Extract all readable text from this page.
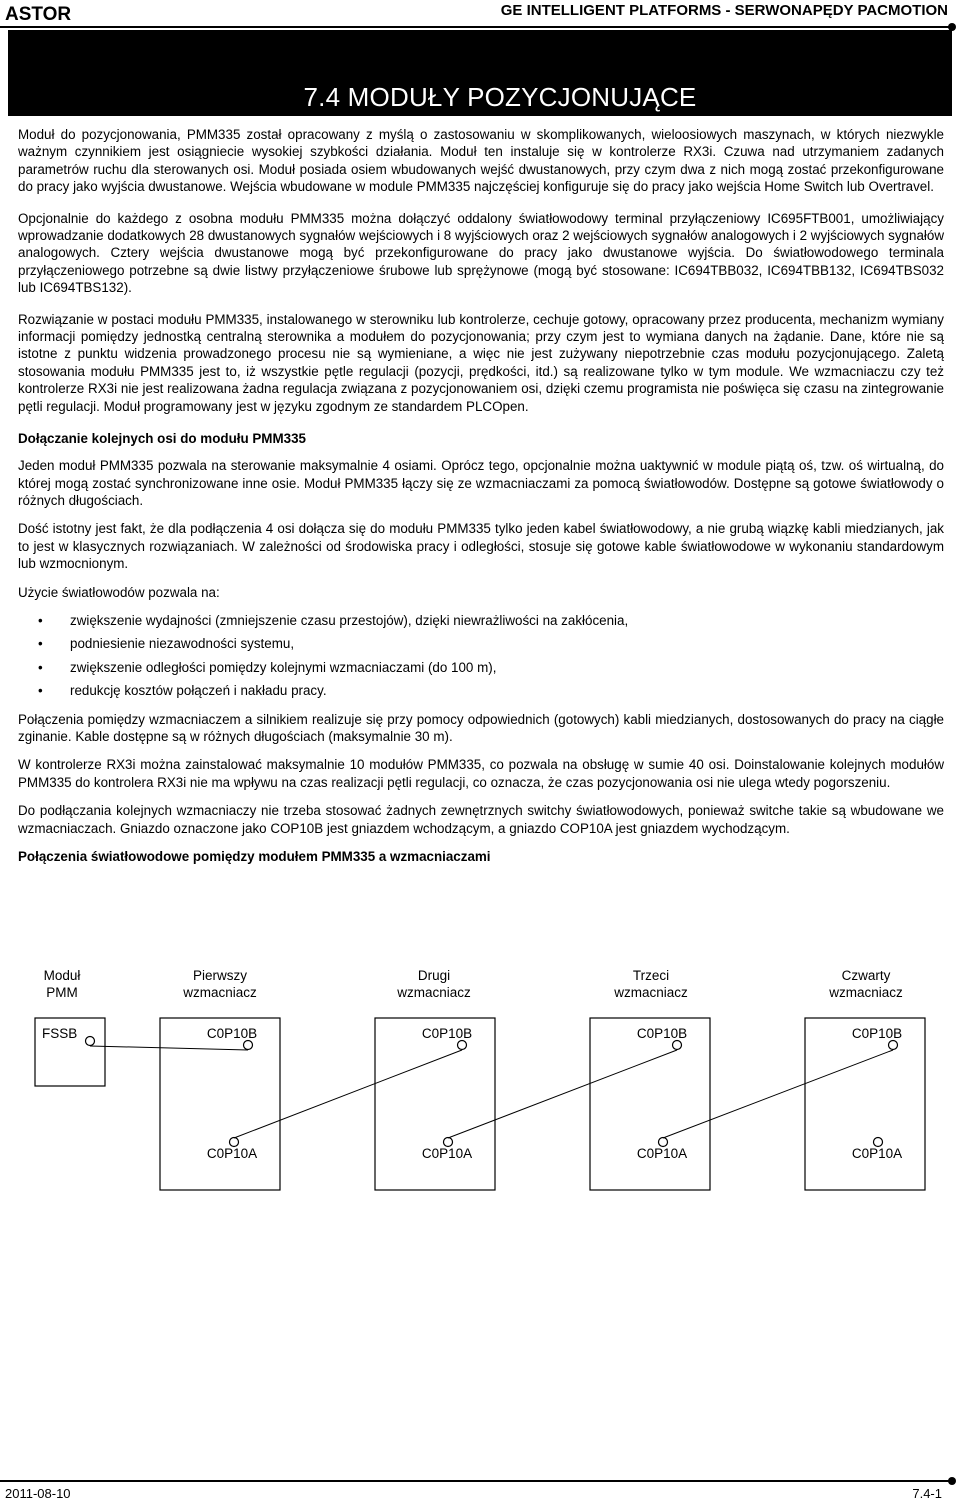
ASTOR	GE INTELLIGENT PLATFORMS - SERWONAPĘDY PACMOTION
7.4 MODUŁY POZYCJONUJĄCE

Moduł do pozycjonowania, PMM335 został opracowany z myślą o zastosowaniu w skomplikowanych, wieloosiowych maszynach, w których niezwykle ważnym czynnikiem jest osiągniecie wysokiej szybkości działania. Moduł ten instaluje się w kontrolerze RX3i. Czuwa nad utrzymaniem zadanych parametrów ruchu dla sterowanych osi. Moduł posiada osiem wbudowanych wejść dwustanowych, przy czym dwa z nich mogą zostać przekonfigurowane do pracy jako wyjścia dwustanowe. Wejścia wbudowane w module PMM335 najczęściej konfiguruje się do pracy jako wejścia Home Switch lub Overtravel.

Opcjonalnie do każdego z osobna modułu PMM335 można dołączyć oddalony światłowodowy terminal przyłączeniowy IC695FTB001, umożliwiający wprowadzanie dodatkowych 28 dwustanowych sygnałów wejściowych i 8 wyjściowych oraz 2 wejściowych sygnałów analogowych i 2 wyjściowych sygnałów analogowych. Cztery wejścia dwustanowe mogą być przekonfigurowane do pracy jako dwustanowe wyjścia. Do światłowodowego terminala przyłączeniowego potrzebne są dwie listwy przyłączeniowe śrubowe lub sprężynowe (mogą być stosowane: IC694TBB032, IC694TBB132, IC694TBS032 lub IC694TBS132).

Rozwiązanie w postaci modułu PMM335, instalowanego w sterowniku lub kontrolerze, cechuje gotowy, opracowany przez producenta, mechanizm wymiany informacji pomiędzy jednostką centralną sterownika a modułem do pozycjonowania; przy czym jest to wymiana danych na żądanie. Dane, które nie są istotne z punktu widzenia prowadzonego procesu nie są wymieniane, a więc nie jest zużywany niepotrzebnie czas modułu pozycjonującego. Zaletą stosowania modułu PMM335 jest to, iż wszystkie pętle regulacji (pozycji, prędkości, itd.) są realizowane tylko w tym module. We wzmacniaczu czy też kontrolerze RX3i nie jest realizowana żadna regulacja związana z pozycjonowaniem osi, dzięki czemu programista nie poświęca się czasu na zintegrowanie pętli regulacji. Moduł programowany jest w języku zgodnym ze standardem PLCOpen.

Dołączanie kolejnych osi do modułu PMM335

Jeden moduł PMM335 pozwala na sterowanie maksymalnie 4 osiami. Oprócz tego, opcjonalnie można uaktywnić w module piątą oś, tzw. oś wirtualną, do której mogą zostać synchronizowane inne osie. Moduł PMM335 łączy się ze wzmacniaczami za pomocą światłowodów. Dostępne są gotowe światłowody o różnych długościach.

Dość istotny jest fakt, że dla podłączenia 4 osi dołącza się do modułu PMM335 tylko jeden kabel światłowodowy, a nie grubą wiązkę kabli miedzianych, jak to jest w klasycznych rozwiązaniach. W zależności od środowiska pracy i odległości, stosuje się gotowe kable światłowodowe w wykonaniu standardowym lub wzmocnionym.

Użycie światłowodów pozwala na:

• zwiększenie wydajności (zmniejszenie czasu przestojów), dzięki niewrażliwości na zakłócenia,
• podniesienie niezawodności systemu,
• zwiększenie odległości pomiędzy kolejnymi wzmacniaczami (do 100 m),
• redukcję kosztów połączeń i nakładu pracy.

Połączenia pomiędzy wzmacniaczem a silnikiem realizuje się przy pomocy odpowiednich (gotowych) kabli miedzianych, dostosowanych do pracy na ciągłe zginanie. Kable dostępne są w różnych długościach (maksymalnie 30 m).

W kontrolerze RX3i można zainstalować maksymalnie 10 modułów PMM335, co pozwala na obsługę w sumie 40 osi. Doinstalowanie kolejnych modułów PMM335 do kontrolera RX3i nie ma wpływu na czas realizacji pętli regulacji, co oznacza, że czas pozycjonowania osi nie ulega wtedy pogorszeniu.

Do podłączania kolejnych wzmacniaczy nie trzeba stosować żadnych zewnętrznych switchy światłowodowych, ponieważ switche takie są wbudowane we wzmacniaczach. Gniazdo oznaczone jako COP10B jest gniazdem wchodzącym, a gniazdo COP10A jest gniazdem wychodzącym.

Połączenia światłowodowe pomiędzy modułem PMM335 a wzmacniaczami
Moduł
PMM
FSSB
Pierwszy
wzmacniacz
C0P10B
C0P10A
Drugi
wzmacniacz
C0P10B
C0P10A
Trzeci
wzmacniacz
C0P10B
C0P10A
Czwarty
wzmacniacz
C0P10B
C0P10A
2011-08-10	7.4-1
